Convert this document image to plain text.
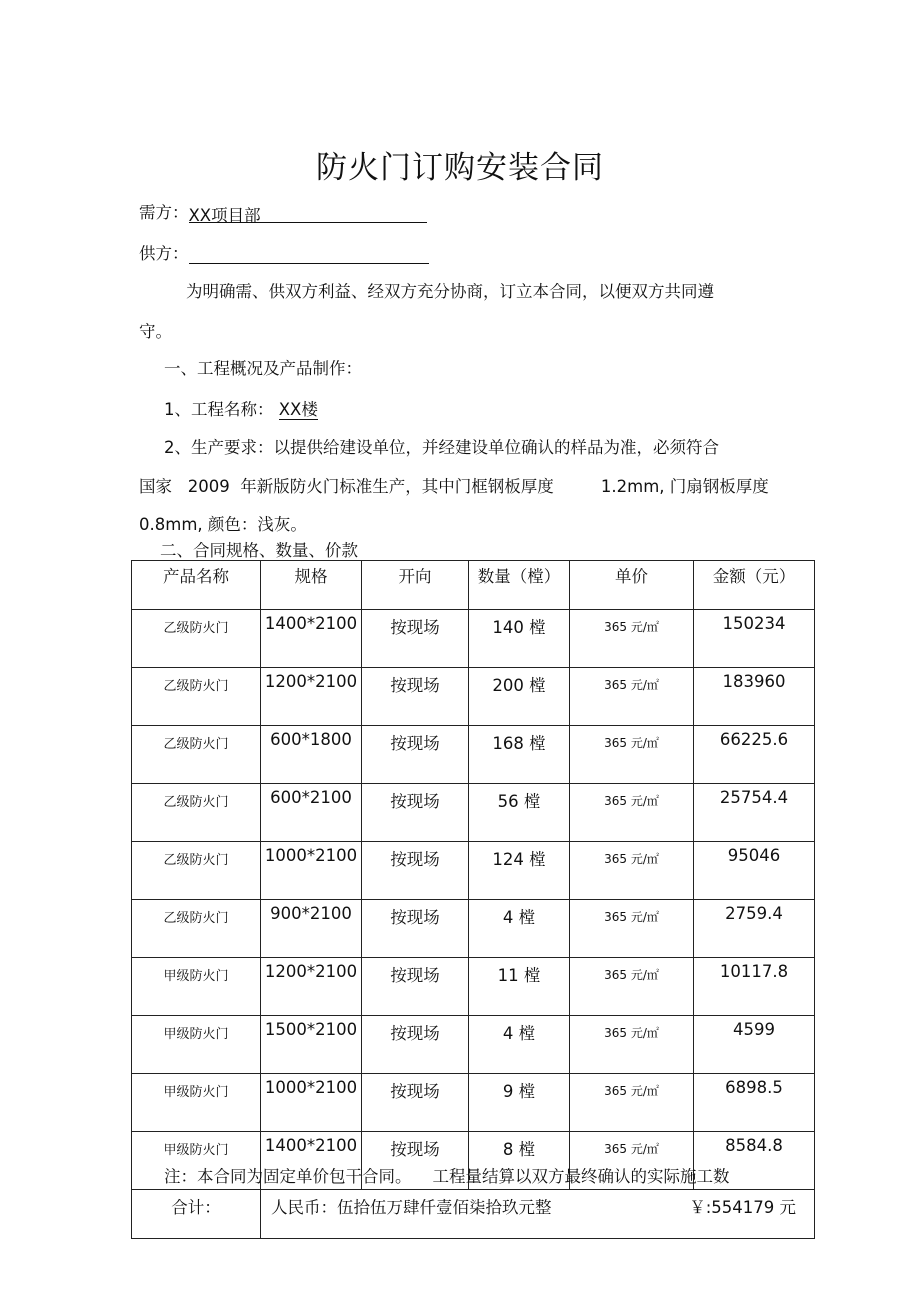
防火门订购安装合同
需方：XX项目部
供方：
为明确需、供双方利益、经双方充分协商，订立本合同，以便双方共同遵
守。
一、工程概况及产品制作：
1、工程名称： XX楼
2、生产要求：以提供给建设单位，并经建设单位确认的样品为准，必须符合
国家   2009  年新版防火门标准生产，其中门框钢板厚度         1.2mm, 门扇钢板厚度
0.8mm, 颜色：浅灰。
二、合同规格、数量、价款
产品名称	规格	开向	数量（樘）	单价	金额（元）
乙级防火门	1400*2100	按现场	140 樘	365 元/㎡	150234
乙级防火门	1200*2100	按现场	200 樘	365 元/㎡	183960
乙级防火门	600*1800	按现场	168 樘	365 元/㎡	66225.6
乙级防火门	600*2100	按现场	56 樘	365 元/㎡	25754.4
乙级防火门	1000*2100	按现场	124 樘	365 元/㎡	95046
乙级防火门	900*2100	按现场	4 樘	365 元/㎡	2759.4
甲级防火门	1200*2100	按现场	11 樘	365 元/㎡	10117.8
甲级防火门	1500*2100	按现场	4 樘	365 元/㎡	4599
甲级防火门	1000*2100	按现场	9 樘	365 元/㎡	6898.5
甲级防火门	1400*2100	按现场	8 樘	365 元/㎡	8584.8
合计：	人民币：伍拾伍万肆仟壹佰柒拾玖元整 ￥:554179 元				
注：本合同为固定单价包干合同。    工程量结算以双方最终确认的实际施工数
